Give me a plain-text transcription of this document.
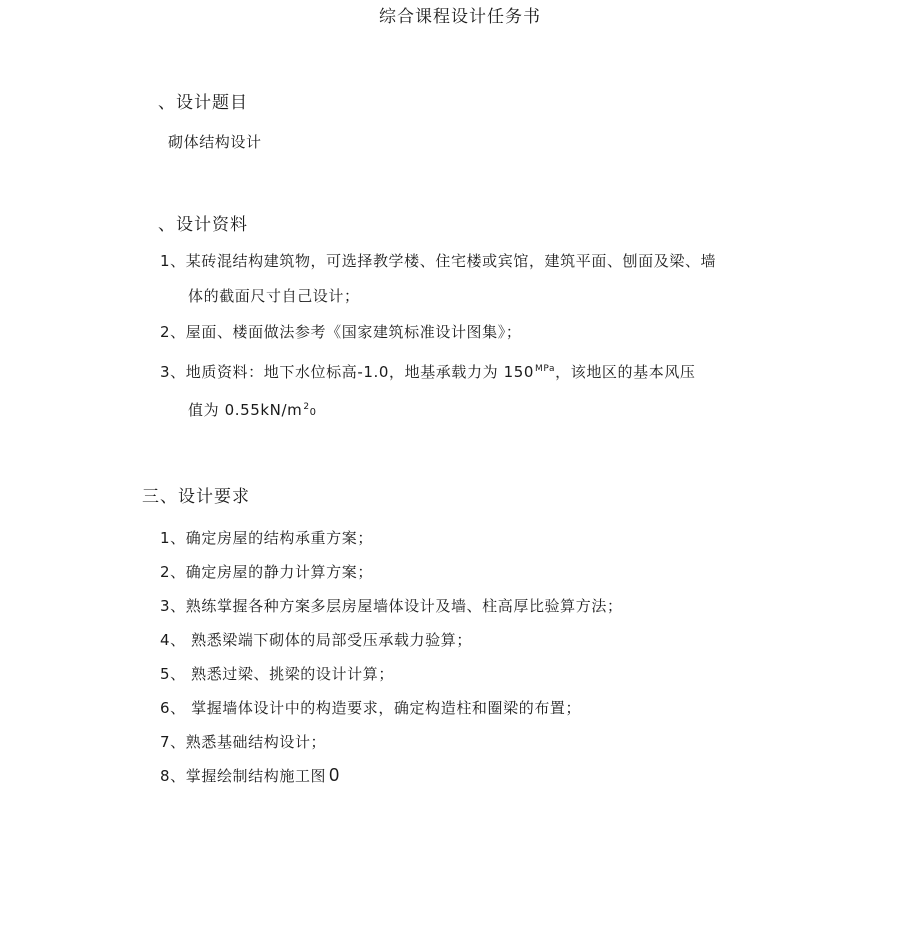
综合课程设计任务书
、设计题目
砌体结构设计
、设计资料
1、某砖混结构建筑物，可选择教学楼、住宅楼或宾馆，建筑平面、刨面及梁、墙
体的截面尺寸自己设计；
2、屋面、楼面做法参考《国家建筑标准设计图集》；
3、地质资料：地下水位标高-1.0，地基承载力为 $150^{MPa}$，该地区的基本风压
值为 $0.55kN/m^20$
三、设计要求
1、确定房屋的结构承重方案；
2、确定房屋的静力计算方案；
3、熟练掌握各种方案多层房屋墙体设计及墙、柱高厚比验算方法；
4、 熟悉梁端下砌体的局部受压承载力验算；
5、 熟悉过梁、挑梁的设计计算；
6、 掌握墙体设计中的构造要求，确定构造柱和圈梁的布置；
7、熟悉基础结构设计；
8、掌握绘制结构施工图 0
